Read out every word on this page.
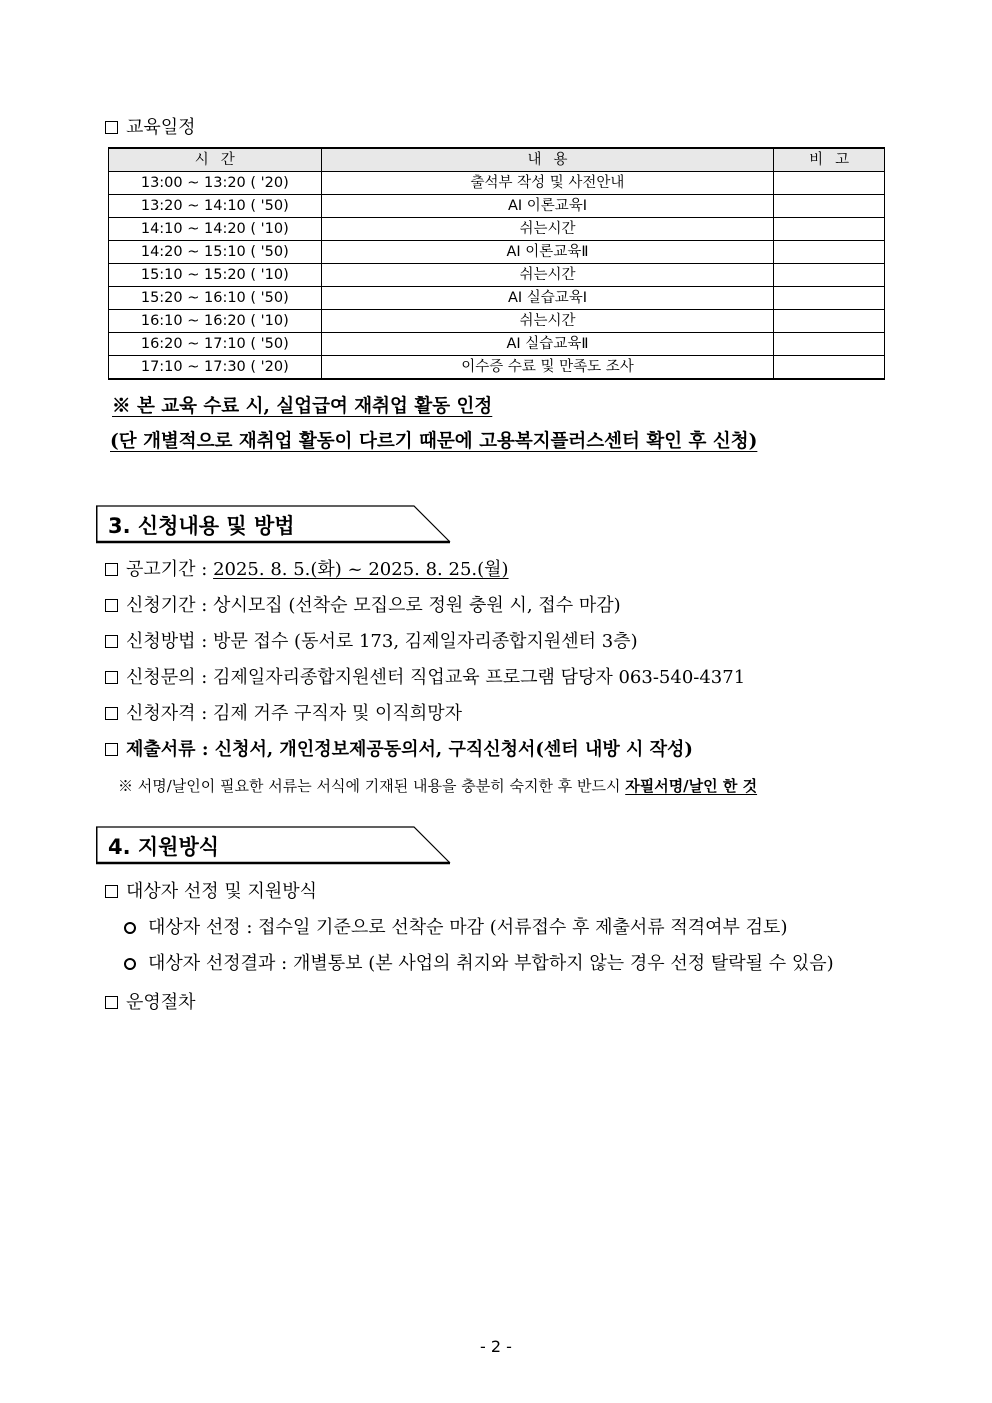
교육일정
시간	내용	비고
13:00 ~ 13:20 ( '20)	출석부 작성 및 사전안내	
13:20 ~ 14:10 ( '50)	AI 이론교육Ⅰ	
14:10 ~ 14:20 ( '10)	쉬는시간	
14:20 ~ 15:10 ( '50)	AI 이론교육Ⅱ	
15:10 ~ 15:20 ( '10)	쉬는시간	
15:20 ~ 16:10 ( '50)	AI 실습교육Ⅰ	
16:10 ~ 16:20 ( '10)	쉬는시간	
16:20 ~ 17:10 ( '50)	AI 실습교육Ⅱ	
17:10 ~ 17:30 ( '20)	이수증 수료 및 만족도 조사	
※ 본 교육 수료 시, 실업급여 재취업 활동 인정
(단 개별적으로 재취업 활동이 다르기 때문에 고용복지플러스센터 확인 후 신청)
3. 신청내용 및 방법
공고기간 : 2025. 8. 5.(화) ~ 2025. 8. 25.(월)
신청기간 : 상시모집 (선착순 모집으로 정원 충원 시, 접수 마감)
신청방법 : 방문 접수 (동서로 173, 김제일자리종합지원센터 3층)
신청문의 : 김제일자리종합지원센터 직업교육 프로그램 담당자 063-540-4371
신청자격 : 김제 거주 구직자 및 이직희망자
제출서류 : 신청서, 개인정보제공동의서, 구직신청서(센터 내방 시 작성)
※ 서명/날인이 필요한 서류는 서식에 기재된 내용을 충분히 숙지한 후 반드시 자필서명/날인 한 것
4. 지원방식
대상자 선정 및 지원방식
대상자 선정 : 접수일 기준으로 선착순 마감 (서류접수 후 제출서류 적격여부 검토)
대상자 선정결과 : 개별통보 (본 사업의 취지와 부합하지 않는 경우 선정 탈락될 수 있음)
운영절차
- 2 -
